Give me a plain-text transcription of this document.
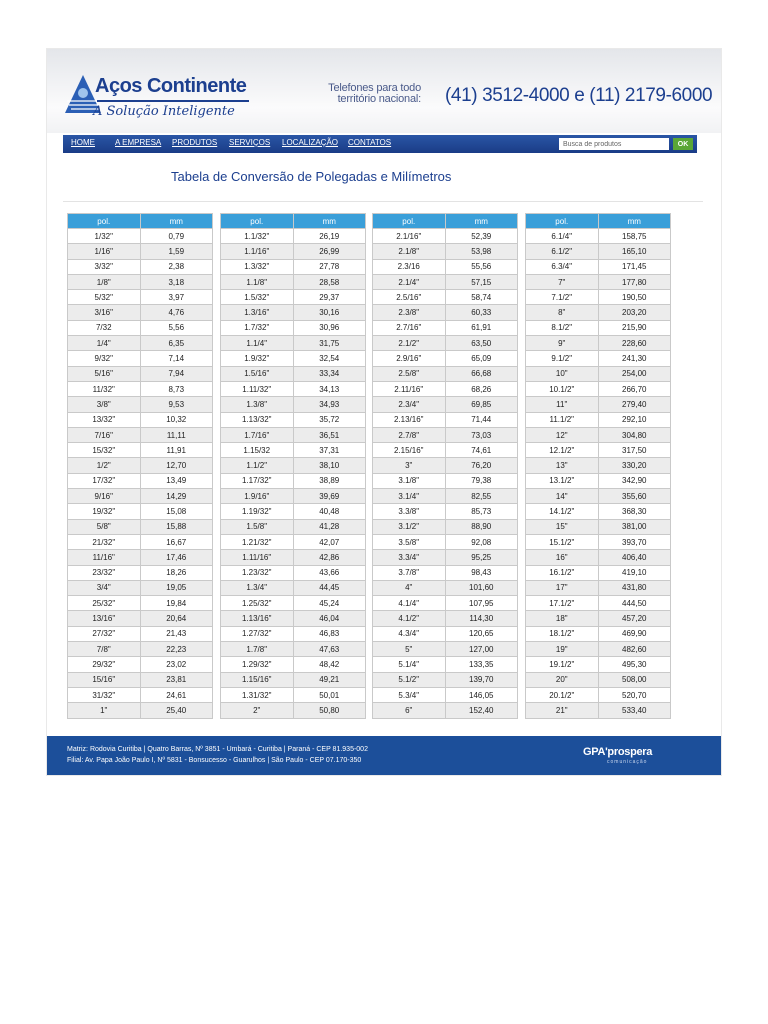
Aços Continente
A Solução Inteligente
Telefones para todo território nacional: (41) 3512-4000 e (11) 2179-6000
HOME	A EMPRESA PRODUTOS SERVIÇOS LOCALIZAÇÃO CONTATOS
Busca de produtos	OK
Tabela de Conversão de Polegadas e Milímetros
pol.	mm
1/32"	0,79
1/16"	1,59
3/32"	2,38
1/8"	3,18
5/32"	3,97
3/16"	4,76
7/32	5,56
1/4"	6,35
9/32"	7,14
5/16"	7,94
11/32"	8,73
3/8"	9,53
13/32"	10,32
7/16"	11,11
15/32"	11,91
1/2"	12,70
17/32"	13,49
9/16"	14,29
19/32"	15,08
5/8"	15,88
21/32"	16,67
11/16"	17,46
23/32"	18,26
3/4"	19,05
25/32"	19,84
13/16"	20,64
27/32"	21,43
7/8"	22,23
29/32"	23,02
15/16"	23,81
31/32"	24,61
1"	25,40
pol.	mm
1.1/32"	26,19
1.1/16"	26,99
1.3/32"	27,78
1.1/8"	28,58
1.5/32"	29,37
1.3/16"	30,16
1.7/32"	30,96
1.1/4"	31,75
1.9/32"	32,54
1.5/16"	33,34
1.11/32"	34,13
1.3/8"	34,93
1.13/32"	35,72
1.7/16"	36,51
1.15/32	37,31
1.1/2"	38,10
1.17/32"	38,89
1.9/16"	39,69
1.19/32"	40,48
1.5/8"	41,28
1.21/32"	42,07
1.11/16"	42,86
1.23/32"	43,66
1.3/4"	44,45
1.25/32"	45,24
1.13/16"	46,04
1.27/32"	46,83
1.7/8"	47,63
1.29/32"	48,42
1.15/16"	49,21
1.31/32"	50,01
2"	50,80
pol.	mm
2.1/16"	52,39
2.1/8"	53,98
2.3/16	55,56
2.1/4"	57,15
2.5/16"	58,74
2.3/8"	60,33
2.7/16"	61,91
2.1/2"	63,50
2.9/16"	65,09
2.5/8"	66,68
2.11/16"	68,26
2.3/4"	69,85
2.13/16"	71,44
2.7/8"	73,03
2.15/16"	74,61
3"	76,20
3.1/8"	79,38
3.1/4"	82,55
3.3/8"	85,73
3.1/2"	88,90
3.5/8"	92,08
3.3/4"	95,25
3.7/8"	98,43
4"	101,60
4.1/4"	107,95
4.1/2"	114,30
4.3/4"	120,65
5"	127,00
5.1/4"	133,35
5.1/2"	139,70
5.3/4"	146,05
6"	152,40
pol.	mm
6.1/4"	158,75
6.1/2"	165,10
6.3/4"	171,45
7"	177,80
7.1/2"	190,50
8"	203,20
8.1/2"	215,90
9"	228,60
9.1/2"	241,30
10"	254,00
10.1/2"	266,70
11"	279,40
11.1/2"	292,10
12"	304,80
12.1/2"	317,50
13"	330,20
13.1/2"	342,90
14"	355,60
14.1/2"	368,30
15"	381,00
15.1/2"	393,70
16"	406,40
16.1/2"	419,10
17"	431,80
17.1/2"	444,50
18"	457,20
18.1/2"	469,90
19"	482,60
19.1/2"	495,30
20"	508,00
20.1/2"	520,70
21"	533,40
Matriz: Rodovia Curitiba | Quatro Barras, Nº 3851 - Umbará - Curitiba | Paraná - CEP 81.935-002
Filial: Av. Papa João Paulo I, Nº 5831 - Bonsucesso - Guarulhos | São Paulo - CEP 07.170-350
GPA'prospera
comunicação
